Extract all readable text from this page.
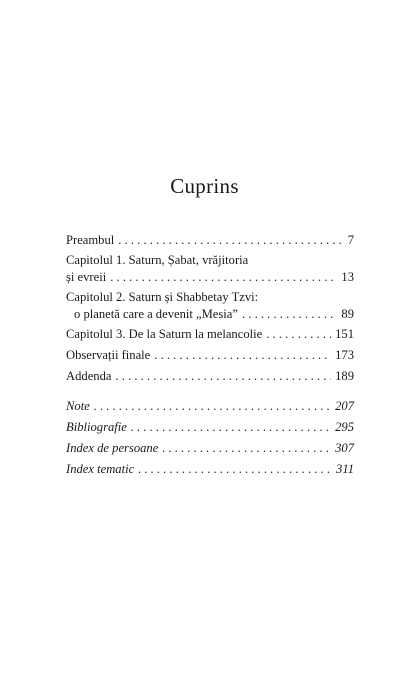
Cuprins
Preambul . . .	7
Capitolul 1. Saturn, Șabat, vrăjitoria
și evreii . . .	13
Capitolul 2. Saturn și Shabbetay Tzvi:
o planetă care a devenit „Mesia” . . .	89
Capitolul 3. De la Saturn la melancolie . . .	151
Observații finale . . .	173
Addenda . . .	189
Note . . .	207
Bibliografie . . .	295
Index de persoane . . .	307
Index tematic . . .	311
